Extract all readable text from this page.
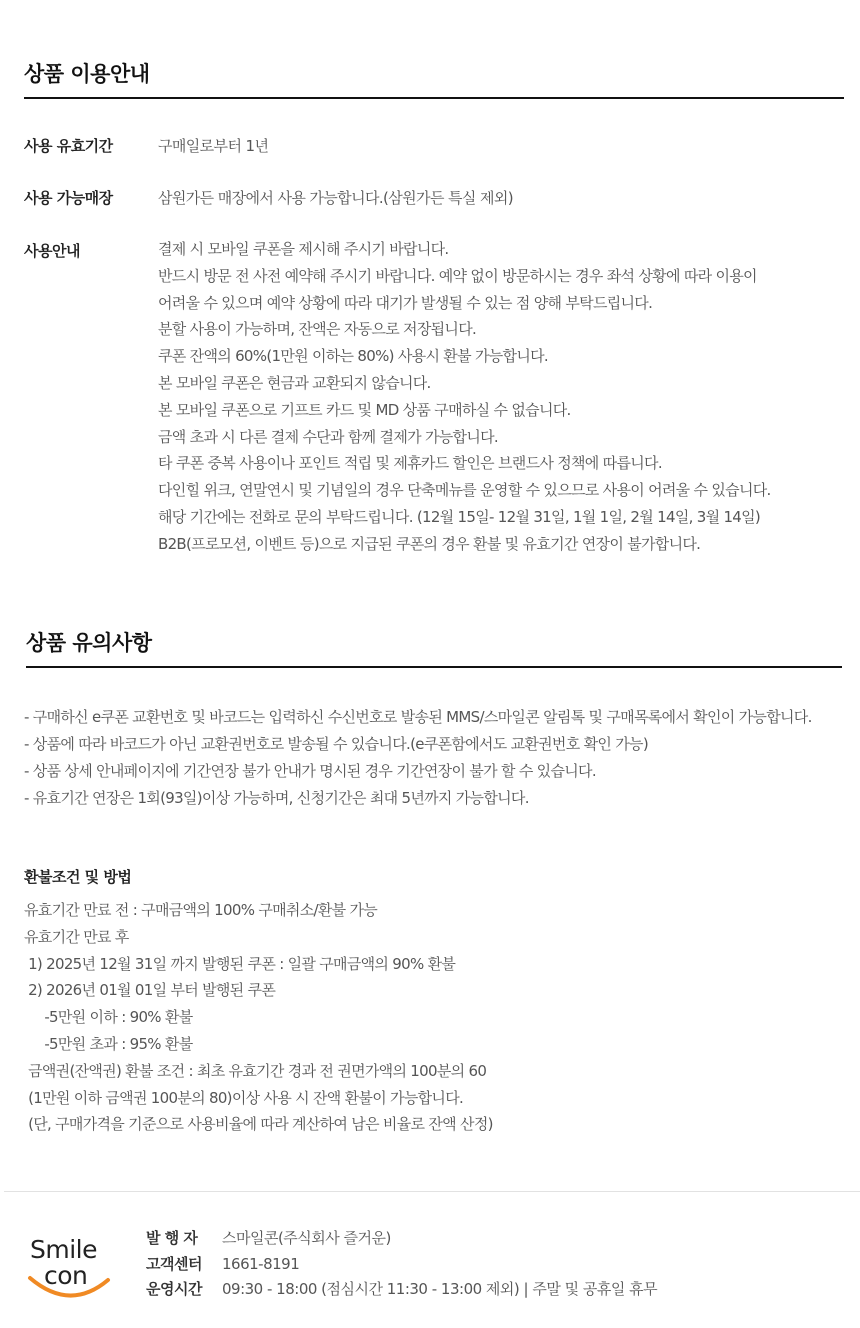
상품 이용안내
사용 유효기간	구매일로부터 1년
사용 가능매장	삼원가든 매장에서 사용 가능합니다.(삼원가든 특실 제외)
사용안내	결제 시 모바일 쿠폰을 제시해 주시기 바랍니다.
반드시 방문 전 사전 예약해 주시기 바랍니다. 예약 없이 방문하시는 경우 좌석 상황에 따라 이용이
어려울 수 있으며 예약 상황에 따라 대기가 발생될 수 있는 점 양해 부탁드립니다.
분할 사용이 가능하며, 잔액은 자동으로 저장됩니다.
쿠폰 잔액의 60%(1만원 이하는 80%) 사용시 환불 가능합니다.
본 모바일 쿠폰은 현금과 교환되지 않습니다.
본 모바일 쿠폰으로 기프트 카드 및 MD 상품 구매하실 수 없습니다.
금액 초과 시 다른 결제 수단과 함께 결제가 가능합니다.
타 쿠폰 중복 사용이나 포인트 적립 및 제휴카드 할인은 브랜드사 정책에 따릅니다.
다인힐 위크, 연말연시 및 기념일의 경우 단축메뉴를 운영할 수 있으므로 사용이 어려울 수 있습니다.
해당 기간에는 전화로 문의 부탁드립니다. (12월 15일- 12월 31일, 1월 1일, 2월 14일, 3월 14일)
B2B(프로모션, 이벤트 등)으로 지급된 쿠폰의 경우 환불 및 유효기간 연장이 불가합니다.
상품 유의사항
- 구매하신 e쿠폰 교환번호 및 바코드는 입력하신 수신번호로 발송된 MMS/스마일콘 알림톡 및 구매목록에서 확인이 가능합니다.
- 상품에 따라 바코드가 아닌 교환권번호로 발송될 수 있습니다.(e쿠폰함에서도 교환권번호 확인 가능)
- 상품 상세 안내페이지에 기간연장 불가 안내가 명시된 경우 기간연장이 불가 할 수 있습니다.
- 유효기간 연장은 1회(93일)이상 가능하며, 신청기간은 최대 5년까지 가능합니다.
환불조건 및 방법
유효기간 만료 전 : 구매금액의 100% 구매취소/환불 가능
유효기간 만료 후
1) 2025년 12월 31일 까지 발행된 쿠폰 : 일괄 구매금액의 90% 환불
2) 2026년 01월 01일 부터 발행된 쿠폰
-5만원 이하 : 90% 환불
-5만원 초과 : 95% 환불
금액권(잔액권) 환불 조건 : 최초 유효기간 경과 전 권면가액의 100분의 60
(1만원 이하 금액권 100분의 80)이상 사용 시 잔액 환불이 가능합니다.
(단, 구매가격을 기준으로 사용비율에 따라 계산하여 남은 비율로 잔액 산정)
Smile
con
발 행 자 스마일콘(주식회사 즐거운)
고객센터 1661-8191
운영시간 09:30 - 18:00 (점심시간 11:30 - 13:00 제외) | 주말 및 공휴일 휴무
